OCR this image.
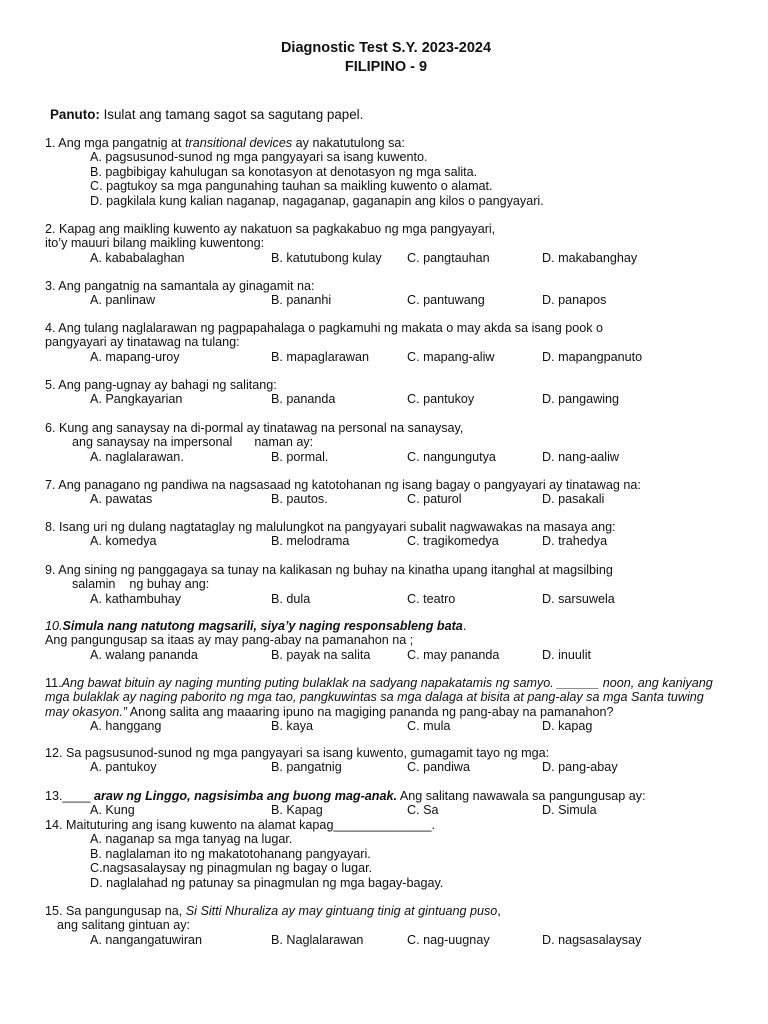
Diagnostic Test S.Y. 2023-2024
FILIPINO - 9
Panuto: Isulat ang tamang sagot sa sagutang papel.
1. Ang mga pangatnig at transitional devices ay nakatutulong sa:
A. pagsusunod-sunod ng mga pangyayari sa isang kuwento.
B. pagbibigay kahulugan sa konotasyon at denotasyon ng mga salita.
C. pagtukoy sa mga pangunahing tauhan sa maikling kuwento o alamat.
D. pagkilala kung kalian naganap, nagaganap, gaganapin ang kilos o pangyayari.
2. Kapag ang maikling kuwento ay nakatuon sa pagkakabuo ng mga pangyayari,
ito’y mauuri bilang maikling kuwentong:
A. kababalaghan	B. katutubong kulay C. pangtauhan	D. makabanghay
3. Ang pangatnig na samantala ay ginagamit na:
A. panlinaw	B. pananhi	C. pantuwang	D. panapos
4. Ang tulang naglalarawan ng pagpapahalaga o pagkamuhi ng makata o may akda sa isang pook o
pangyayari ay tinatawag na tulang:
A. mapang-uroy	B. mapaglarawan	C. mapang-aliw	D. mapangpanuto
5. Ang pang-ugnay ay bahagi ng salitang:
A. Pangkayarian	B. pananda	C. pantukoy	D. pangawing
6. Kung ang sanaysay na di-pormal ay tinatawag na personal na sanaysay,
ang sanaysay na impersonal naman ay:
A. naglalarawan.	B. pormal.	C. nangungutya	D. nang-aaliw
7. Ang panagano ng pandiwa na nagsasaad ng katotohanan ng isang bagay o pangyayari ay tinatawag na:
A. pawatas	B. pautos.	C. paturol	D. pasakali
8. Isang uri ng dulang nagtataglay ng malulungkot na pangyayari subalit nagwawakas na masaya ang:
A. komedya	B. melodrama	C. tragikomedya	D. trahedya
9. Ang sining ng panggagaya sa tunay na kalikasan ng buhay na kinatha upang itanghal at magsilbing
salamin ng buhay ang:
A. kathambuhay	B. dula	C. teatro	D. sarsuwela
10.Simula nang natutong magsarili, siya’y naging responsableng bata.
Ang pangungusap sa itaas ay may pang-abay na pamanahon na ;
A. walang pananda	B. payak na salita	C. may pananda	D. inuulit
11.Ang bawat bituin ay naging munting puting bulaklak na sadyang napakatamis ng samyo. ______ noon, ang kaniyang mga bulaklak ay naging paborito ng mga tao, pangkuwintas sa mga dalaga at bisita at pang-alay sa mga Santa tuwing may okasyon.” Anong salita ang maaaring ipuno na magiging pananda ng pang-abay na pamanahon?
A. hanggang	B. kaya	C. mula	D. kapag
12. Sa pagsusunod-sunod ng mga pangyayari sa isang kuwento, gumagamit tayo ng mga:
A. pantukoy	B. pangatnig	C. pandiwa	D. pang-abay
13.____ araw ng Linggo, nagsisimba ang buong mag-anak. Ang salitang nawawala sa pangungusap ay:
A. Kung	B. Kapag	C. Sa	D. Simula
14. Maituturing ang isang kuwento na alamat kapag______________.
A. naganap sa mga tanyag na lugar.
B. naglalaman ito ng makatotohanang pangyayari.
C.nagsasalaysay ng pinagmulan ng bagay o lugar.
D. naglalahad ng patunay sa pinagmulan ng mga bagay-bagay.
15. Sa pangungusap na, Si Sitti Nhuraliza ay may gintuang tinig at gintuang puso,
ang salitang gintuan ay:
A. nangangatuwiran	B. Naglalarawan	C. nag-uugnay	D. nagsasalaysay
